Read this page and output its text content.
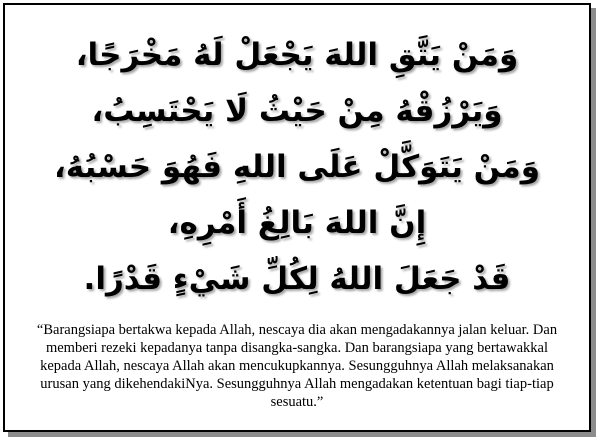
وَمَنْ يَتَّقِ اللهَ يَجْعَلْ لَهُ مَخْرَجًا،
وَيَرْزُقْهُ مِنْ حَيْثُ لَا يَحْتَسِبُ،
وَمَنْ يَتَوَكَّلْ عَلَى اللهِ فَهُوَ حَسْبُهُ،
إِنَّ اللهَ بَالِغُ أَمْرِهِ،
قَدْ جَعَلَ اللهُ لِكُلِّ شَيْءٍ قَدْرًا.
“Barangsiapa bertakwa kepada Allah, nescaya dia akan mengadakannya jalan keluar. Dan memberi rezeki kepadanya tanpa disangka-sangka. Dan barangsiapa yang bertawakkal kepada Allah, nescaya Allah akan mencukupkannya. Sesungguhnya Allah melaksanakan urusan yang dikehendakiNya. Sesungguhnya Allah mengadakan ketentuan bagi tiap-tiap sesuatu.”
